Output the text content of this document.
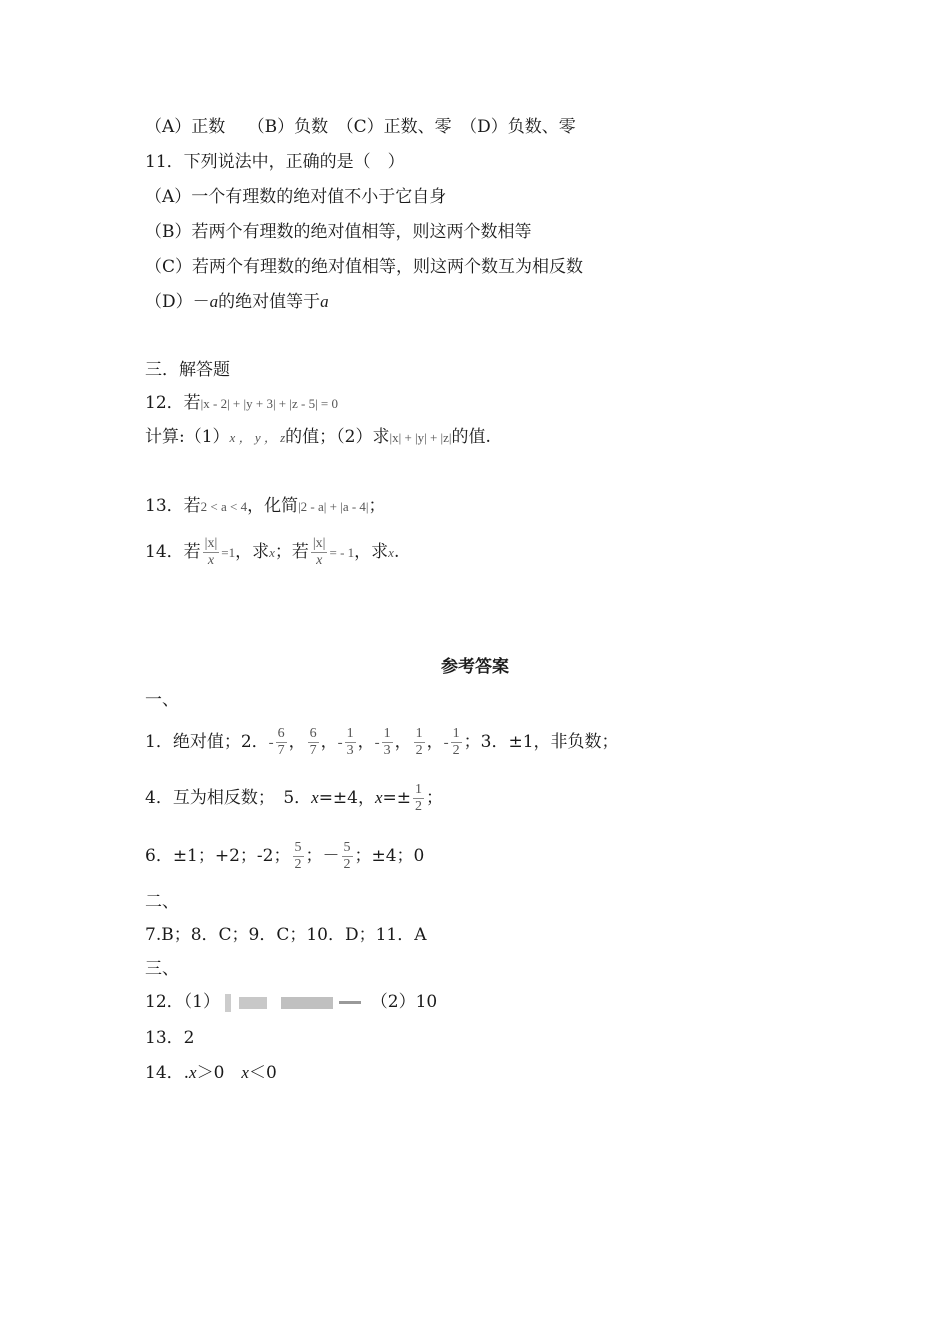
（A）正数　 （B）负数　（C）正数、零　（D）负数、零
11．下列说法中，正确的是（　）
（A）一个有理数的绝对值不小于它自身
（B）若两个有理数的绝对值相等，则这两个数相等
（C）若两个有理数的绝对值相等，则这两个数互为相反数
（D）－a的绝对值等于a
三．解答题
12．若|x - 2| + |y + 3| + |z - 5| = 0
计算:（1）x ， y ， z的值；（2）求|x| + |y| + |z|的值.
13．若2 < a < 4，化简|2 - a| + |a - 4|；
14．若 $\frac{|x|}{x} =1$，求x；若 $\frac{|x|}{x}$ = - 1，求x.
参考答案
一、
1．绝对值；2．- $\frac{6}{7}$ ， $\frac{6}{7}$ ，- $\frac{1}{3}$ ，- $\frac{1}{3}$ ， $\frac{1}{2}$ ，- $\frac{1}{2}$ ；3．±1，非负数；
4．互为相反数；　5．x=±4，$x=\pm \frac{1}{2}$ ；
6．±1；+2；-2； $\frac{5}{2}$ ；－ $\frac{5}{2}$ ；±4；0
二、
7.B；8．C；9．C；10．D；11．A
三、
12．（1）	（2）10
13．2
14．.x＞0　x＜0
